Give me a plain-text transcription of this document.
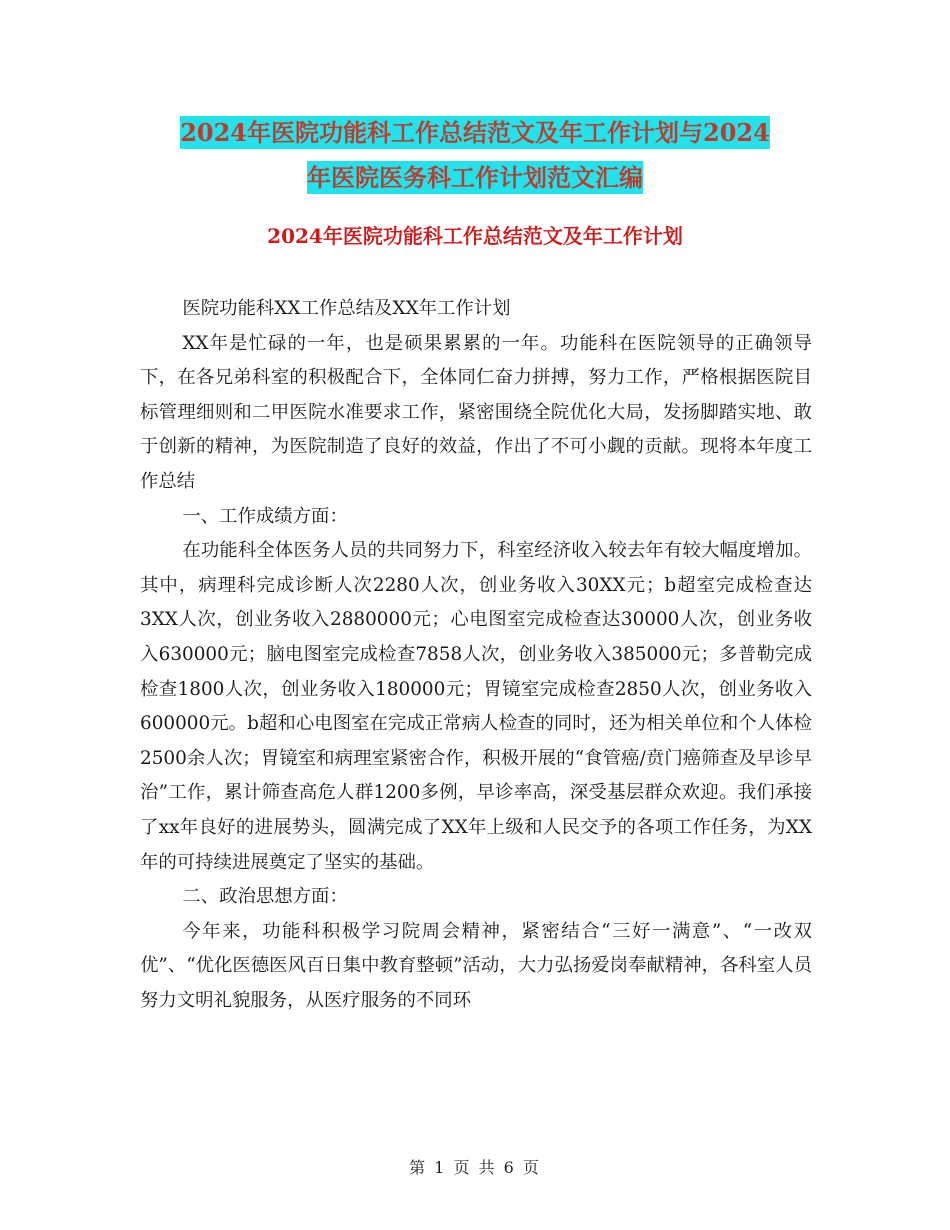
2024年医院功能科工作总结范文及年工作计划与2024
年医院医务科工作计划范文汇编
2024年医院功能科工作总结范文及年工作计划

医院功能科XX工作总结及XX年工作计划

XX年是忙碌的一年，也是硕果累累的一年。功能科在医院领导的正确领导下，在各兄弟科室的积极配合下，全体同仁奋力拼搏，努力工作，严格根据医院目标管理细则和二甲医院水准要求工作，紧密围绕全院优化大局，发扬脚踏实地、敢于创新的精神，为医院制造了良好的效益，作出了不可小觑的贡献。现将本年度工作总结

一、工作成绩方面：

在功能科全体医务人员的共同努力下，科室经济收入较去年有较大幅度增加。其中，病理科完成诊断人次2280人次，创业务收入30XX元；b超室完成检查达3XX人次，创业务收入2880000元；心电图室完成检查达30000人次，创业务收入630000元；脑电图室完成检查7858人次，创业务收入385000元；多普勒完成检查1800人次，创业务收入180000元；胃镜室完成检查2850人次，创业务收入600000元。b超和心电图室在完成正常病人检查的同时，还为相关单位和个人体检2500余人次；胃镜室和病理室紧密合作，积极开展的“食管癌/贲门癌筛查及早诊早治”工作，累计筛查高危人群1200多例，早诊率高，深受基层群众欢迎。我们承接了xx年良好的进展势头，圆满完成了XX年上级和人民交予的各项工作任务，为XX年的可持续进展奠定了坚实的基础。

二、政治思想方面：

今年来，功能科积极学习院周会精神，紧密结合“三好一满意”、“一改双优”、“优化医德医风百日集中教育整顿”活动，大力弘扬爱岗奉献精神，各科室人员努力文明礼貌服务，从医疗服务的不同环

第 1 页 共 6 页
